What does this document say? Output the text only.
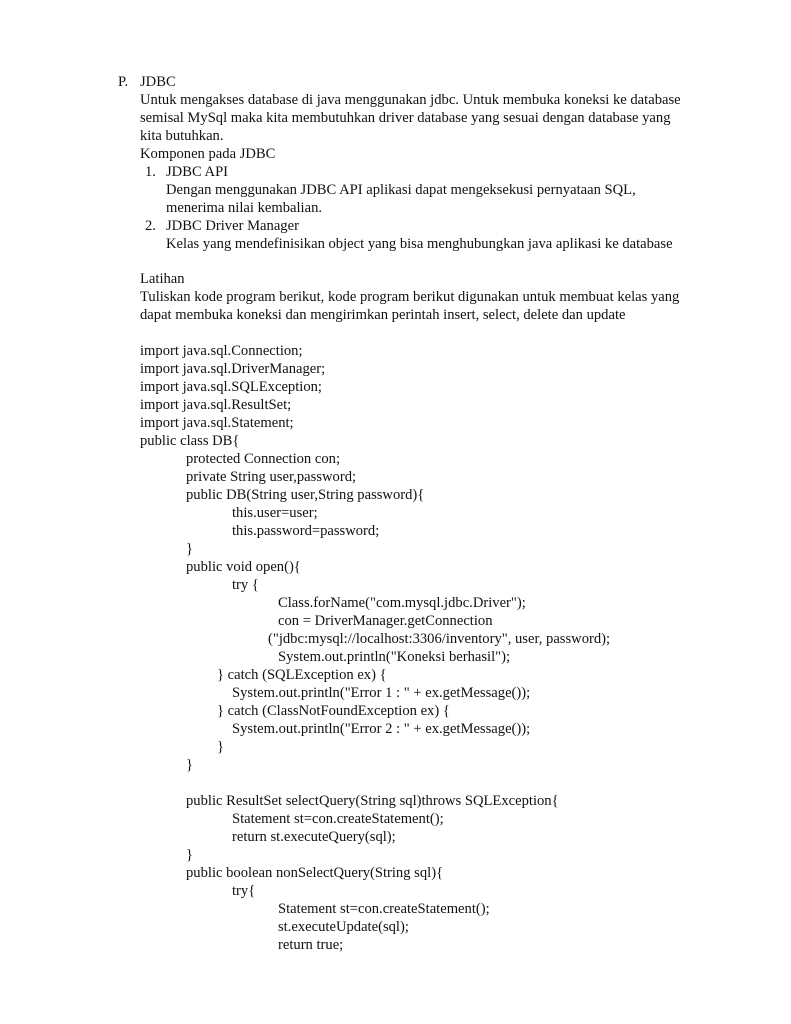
P. JDBC
Untuk mengakses database di java menggunakan jdbc. Untuk membuka koneksi ke database
semisal MySql maka kita membutuhkan driver database yang sesuai dengan database yang
kita butuhkan.
Komponen pada JDBC
1. JDBC API
Dengan menggunakan JDBC API aplikasi dapat mengeksekusi pernyataan SQL,
menerima nilai kembalian.
2. JDBC Driver Manager
Kelas yang mendefinisikan object yang bisa menghubungkan java aplikasi ke database
Latihan
Tuliskan kode program berikut, kode program berikut digunakan untuk membuat kelas yang
dapat membuka koneksi dan mengirimkan perintah insert, select, delete dan update
import java.sql.Connection;
import java.sql.DriverManager;
import java.sql.SQLException;
import java.sql.ResultSet;
import java.sql.Statement;
public class DB{
protected Connection con;
private String user,password;
public DB(String user,String password){
this.user=user;
this.password=password;
}
public void open(){
try {
Class.forName("com.mysql.jdbc.Driver");
con = DriverManager.getConnection
("jdbc:mysql://localhost:3306/inventory", user, password);
System.out.println("Koneksi berhasil");
} catch (SQLException ex) {
System.out.println("Error 1 : " + ex.getMessage());
} catch (ClassNotFoundException ex) {
System.out.println("Error 2 : " + ex.getMessage());
}
}
public ResultSet selectQuery(String sql)throws SQLException{
Statement st=con.createStatement();
return st.executeQuery(sql);
}
public boolean nonSelectQuery(String sql){
try{
Statement st=con.createStatement();
st.executeUpdate(sql);
return true;
